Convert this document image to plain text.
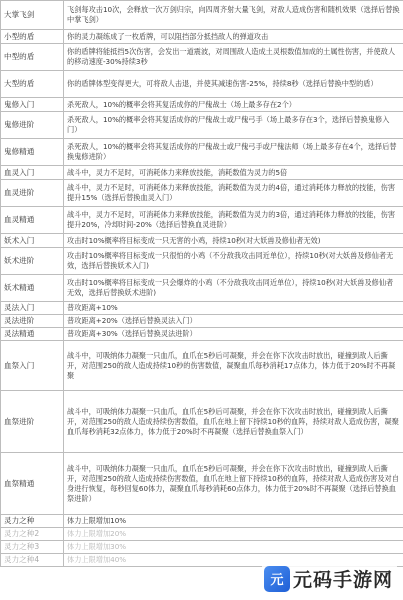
大掌飞剑	飞剑每攻击10次，会释放一次万剑归宗，向四周齐射大量飞剑，对敌人造成伤害和随机效果（选择后替换中掌飞剑）
小型的盾	你的灵力凝练成了一枚盾牌，可以阻挡部分抵挡敌人的弹道攻击
中型的盾	你的盾牌将能抵挡5次伤害，会发出一道震波，对周围敌人造成土灵根数值加成的土属性伤害，并使敌人的移动速度-30%持续3秒
大型的盾	你的盾牌体型变得更大，可将敌人击退，并使其减速伤害-25%，持续8秒（选择后替换中型的盾）
鬼修入门	杀死敌人，10%的概率会将其复活成你的尸傀战士（场上最多存在2个）
鬼修进阶	杀死敌人，10%的概率会将其复活成你的尸傀战士或尸傀弓手（场上最多存在3个，选择后替换鬼修入门）
鬼修精通	杀死敌人，10%的概率会将其复活成你的尸傀战士或尸傀弓手或尸傀法师（场上最多存在4个，选择后替换鬼修进阶）
血灵入门	战斗中，灵力不足时，可消耗体力来释放技能，消耗数值为灵力的5倍
血灵进阶	战斗中，灵力不足时，可消耗体力来释放技能，消耗数值为灵力的4倍，通过消耗体力释放的技能，伤害提升15%（选择后替换血灵入门）
血灵精通	战斗中，灵力不足时，可消耗体力来释放技能，消耗数值为灵力的3倍，通过消耗体力释放的技能，伤害提升20%，冷却时间-20%（选择后替换血灵进阶）
妖术入门	攻击时10%概率将目标变成一只无害的小鸡，持续10秒(对大妖兽及修仙者无效)
妖术进阶	攻击时10%概率将目标变成一只很怕的小鸡（不分敌我攻击同近单位），持续10秒(对大妖兽及修仙者无效，选择后替换妖术入门)
妖术精通	攻击时10%概率将目标变成一只会爆炸的小鸡（不分敌我攻击同近单位），持续10秒(对大妖兽及修仙者无效，选择后替换妖术进阶)
灵法入门	普攻距离+10%
灵法进阶	普攻距离+20%（选择后替换灵法入门）
灵法精通	普攻距离+30%（选择后替换灵法进阶）
血祭入门	战斗中，可吸纳体力凝聚一只血爪，血爪在5秒后可凝聚，并会在你下次攻击时放出，碰撞到敌人后撕开，对范围250的敌人造成持续10秒的伤害数值，凝聚血爪每秒消耗17点体力，体力低于20%时不再凝聚
血祭进阶	战斗中，可吸纳体力凝聚一只血爪，血爪在5秒后可凝聚，并会在你下次攻击时放出，碰撞到敌人后撕开，对范围250的敌人造成持续伤害数值，血爪在地上留下持续10秒的血阵，持续对敌人造成伤害，凝聚血爪每秒消耗32点体力，体力低于20%时不再凝聚（选择后替换血祭入门）
血祭精通	战斗中，可吸纳体力凝聚一只血爪，血爪在5秒后可凝聚，并会在你下次攻击时放出，碰撞到敌人后撕开，对范围250的敌人造成持续伤害数值，血爪在地上留下持续10秒的血阵，持续对敌人造成伤害及对自身进行恢复，每秒回复60体力，凝聚血爪每秒消耗60点体力，体力低于20%时不再凝聚（选择后替换血祭进阶）
灵力之种	体力上限增加10%
灵力之种2	体力上限增加20%
灵力之种3	体力上限增加30%
灵力之种4	体力上限增加40%
元 元码手游网
